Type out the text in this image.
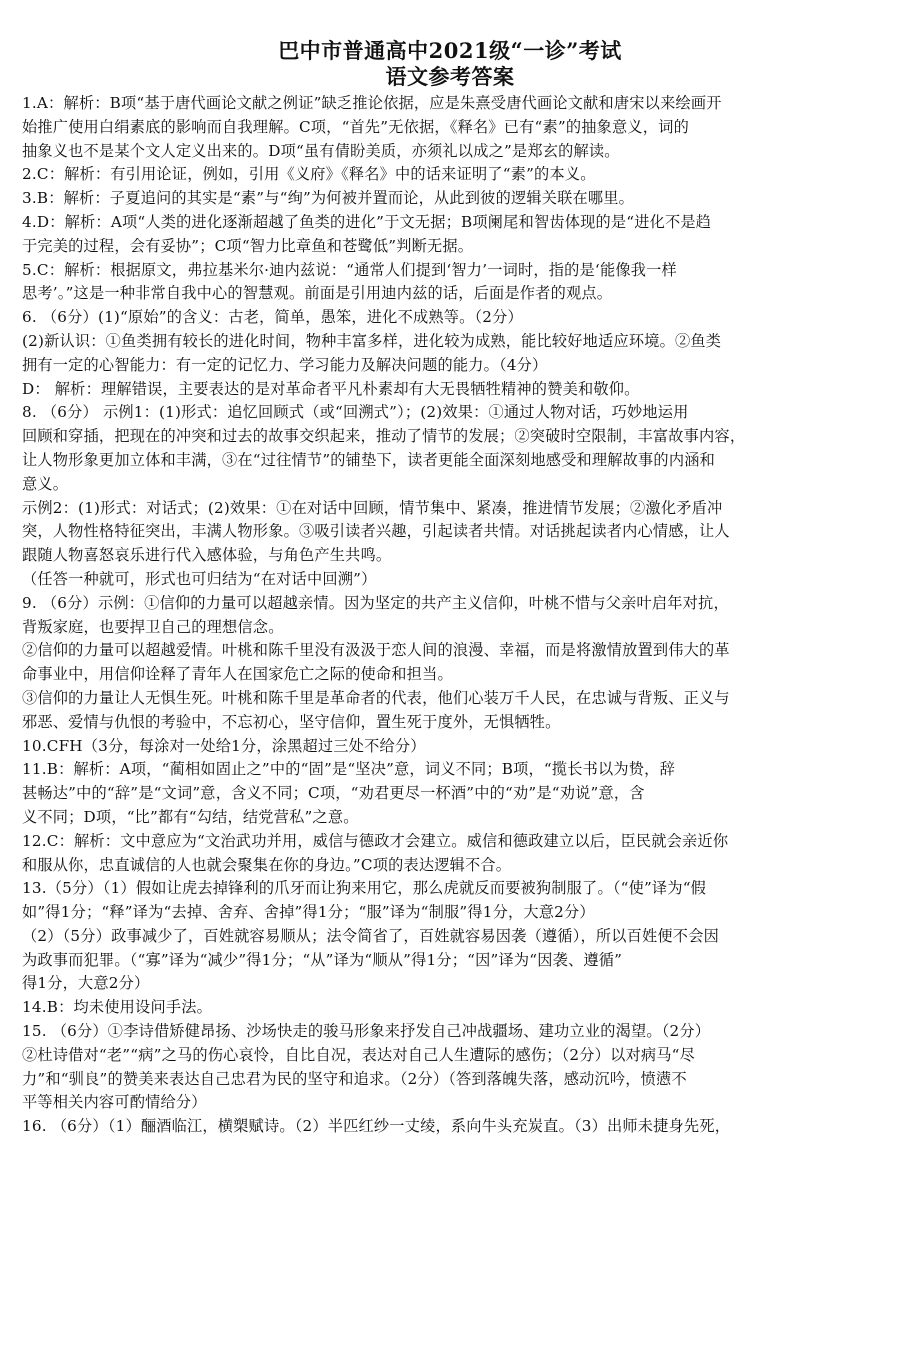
巴中市普通高中2021级“一诊”考试
语文参考答案
1.A：解析：B项“基于唐代画论文献之例证”缺乏推论依据，应是朱熹受唐代画论文献和唐宋以来绘画开
始推广使用白绢素底的影响而自我理解。C项，“首先”无依据，《释名》已有“素”的抽象意义，词的
抽象义也不是某个文人定义出来的。D项“虽有倩盼美质，亦须礼以成之”是郑玄的解读。
2.C：解析：有引用论证，例如，引用《义府》《释名》中的话来证明了“素”的本义。
3.B：解析：子夏追问的其实是“素”与“绚”为何被并置而论，从此到彼的逻辑关联在哪里。
4.D：解析：A项“人类的进化逐渐超越了鱼类的进化”于文无据；B项阑尾和智齿体现的是“进化不是趋
于完美的过程，会有妥协”；C项“智力比章鱼和苍鹭低”判断无据。
5.C：解析：根据原文，弗拉基米尔·迪内兹说：“通常人们提到‘智力’一词时，指的是‘能像我一样
思考’。”这是一种非常自我中心的智慧观。前面是引用迪内兹的话，后面是作者的观点。
6. （6分）(1)“原始”的含义：古老，简单，愚笨，进化不成熟等。（2分）
(2)新认识：①鱼类拥有较长的进化时间，物种丰富多样，进化较为成熟，能比较好地适应环境。②鱼类
拥有一定的心智能力：有一定的记忆力、学习能力及解决问题的能力。（4分）
D： 解析：理解错误，主要表达的是对革命者平凡朴素却有大无畏牺牲精神的赞美和敬仰。
8. （6分） 示例1：(1)形式：追忆回顾式（或“回溯式”）；(2)效果：①通过人物对话，巧妙地运用
回顾和穿插，把现在的冲突和过去的故事交织起来，推动了情节的发展；②突破时空限制，丰富故事内容，
让人物形象更加立体和丰满，③在“过往情节”的铺垫下，读者更能全面深刻地感受和理解故事的内涵和
意义。
示例2：(1)形式：对话式；(2)效果：①在对话中回顾，情节集中、紧凑，推进情节发展；②激化矛盾冲
突，人物性格特征突出，丰满人物形象。③吸引读者兴趣，引起读者共情。对话挑起读者内心情感，让人
跟随人物喜怒哀乐进行代入感体验，与角色产生共鸣。
（任答一种就可，形式也可归结为“在对话中回溯”）
9. （6分）示例：①信仰的力量可以超越亲情。因为坚定的共产主义信仰，叶桃不惜与父亲叶启年对抗，
背叛家庭，也要捍卫自己的理想信念。
②信仰的力量可以超越爱情。叶桃和陈千里没有汲汲于恋人间的浪漫、幸福，而是将激情放置到伟大的革
命事业中，用信仰诠释了青年人在国家危亡之际的使命和担当。
③信仰的力量让人无惧生死。叶桃和陈千里是革命者的代表，他们心装万千人民，在忠诚与背叛、正义与
邪恶、爱情与仇恨的考验中，不忘初心，坚守信仰，置生死于度外，无惧牺牲。
10.CFH（3分，每涂对一处给1分，涂黑超过三处不给分）
11.B：解析：A项，“蔺相如固止之”中的“固”是“坚决”意，词义不同；B项，“揽长书以为贽，辞
甚畅达”中的“辞”是“文词”意，含义不同；C项，“劝君更尽一杯酒”中的“劝”是“劝说”意，含
义不同；D项，“比”都有“勾结，结党营私”之意。
12.C：解析：文中意应为“文治武功并用，威信与德政才会建立。威信和德政建立以后，臣民就会亲近你
和服从你，忠直诚信的人也就会聚集在你的身边。”C项的表达逻辑不合。
13.（5分）（1）假如让虎去掉锋利的爪牙而让狗来用它，那么虎就反而要被狗制服了。（“使”译为“假
如”得1分；“释”译为“去掉、舍弃、舍掉”得1分；“服”译为“制服”得1分，大意2分）
（2）（5分）政事减少了，百姓就容易顺从；法令简省了，百姓就容易因袭（遵循），所以百姓便不会因
为政事而犯罪。（“寡”译为“减少”得1分；“从”译为“顺从”得1分；“因”译为“因袭、遵循”
得1分，大意2分）
14.B：均未使用设问手法。
15. （6分）①李诗借矫健昂扬、沙场快走的骏马形象来抒发自己冲战疆场、建功立业的渴望。（2分）
②杜诗借对“老”“病”之马的伤心哀怜，自比自况，表达对自己人生遭际的感伤；（2分）以对病马“尽
力”和“驯良”的赞美来表达自己忠君为民的坚守和追求。（2分）（答到落魄失落，感动沉吟，愤懑不
平等相关内容可酌情给分）
16. （6分）（1）酾酒临江，横槊赋诗。（2）半匹红纱一丈绫，系向牛头充炭直。（3）出师未捷身先死，
